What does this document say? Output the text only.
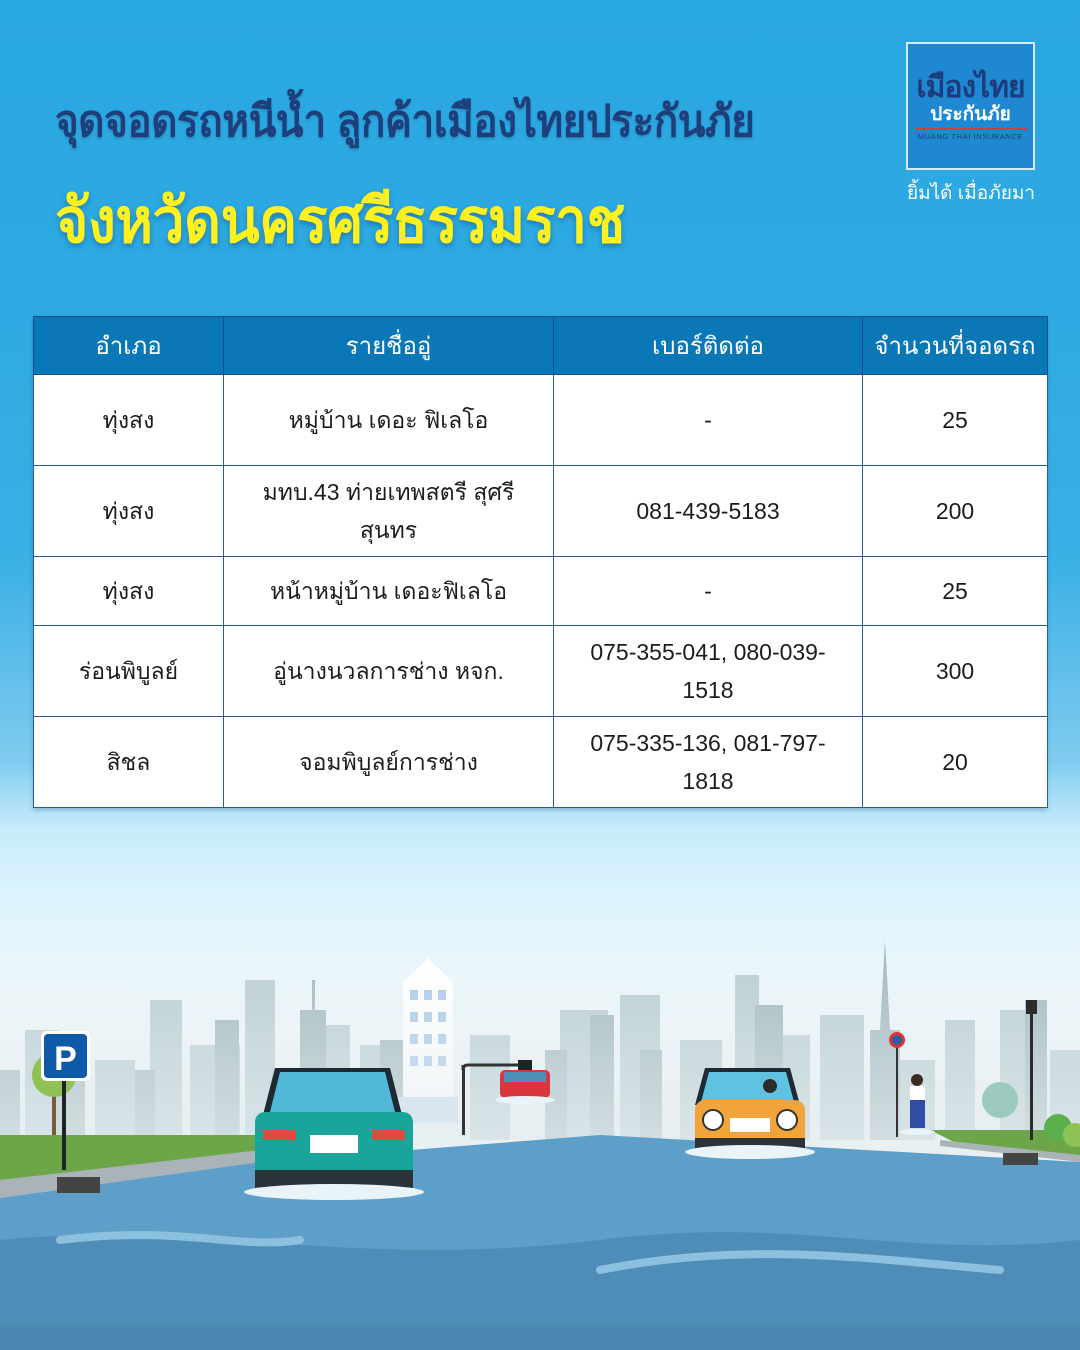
จุดจอดรถหนีน้ำ ลูกค้าเมืองไทยประกันภัย
จังหวัดนครศรีธรรมราช
เมืองไทย
ประกันภัย
MUANG THAI INSURANCE
ยิ้มได้ เมื่อภัยมา
อำเภอ	รายชื่ออู่	เบอร์ติดต่อ	จำนวนที่จอดรถ
ทุ่งสง	หมู่บ้าน เดอะ ฟิเลโอ	-	25
ทุ่งสง	มทบ.43 ท่ายเทพสตรี สุศรี สุนทร	081-439-5183	200
ทุ่งสง	หน้าหมู่บ้าน เดอะฟิเลโอ	-	25
ร่อนพิบูลย์	อู่นางนวลการช่าง หจก.	075-355-041, 080-039-1518	300
สิชล	จอมพิบูลย์การช่าง	075-335-136, 081-797-1818	20
P
